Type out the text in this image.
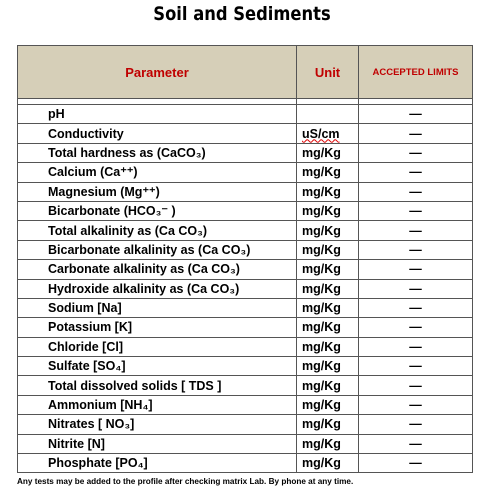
Soil and Sediments
Parameter	Unit	ACCEPTED LIMITS

pH		—
Conductivity	uS/cm	—
Total hardness as (CaCO₃)	mg/Kg	—
Calcium (Ca⁺⁺)	mg/Kg	—
Magnesium (Mg⁺⁺)	mg/Kg	—
Bicarbonate (HCO₃⁻ )	mg/Kg	—
Total alkalinity as (Ca CO₃)	mg/Kg	—
Bicarbonate alkalinity as (Ca CO₃)	mg/Kg	—
Carbonate alkalinity as (Ca CO₃)	mg/Kg	—
Hydroxide alkalinity as (Ca CO₃)	mg/Kg	—
Sodium [Na]	mg/Kg	—
Potassium [K]	mg/Kg	—
Chloride [Cl]	mg/Kg	—
Sulfate [SO₄]	mg/Kg	—
Total dissolved solids [ TDS ]	mg/Kg	—
Ammonium [NH₄]	mg/Kg	—
Nitrates [ NO₃]	mg/Kg	—
Nitrite [N]	mg/Kg	—
Phosphate [PO₄]	mg/Kg	—
Any tests may be added to the profile after checking matrix Lab. By phone at any time.
